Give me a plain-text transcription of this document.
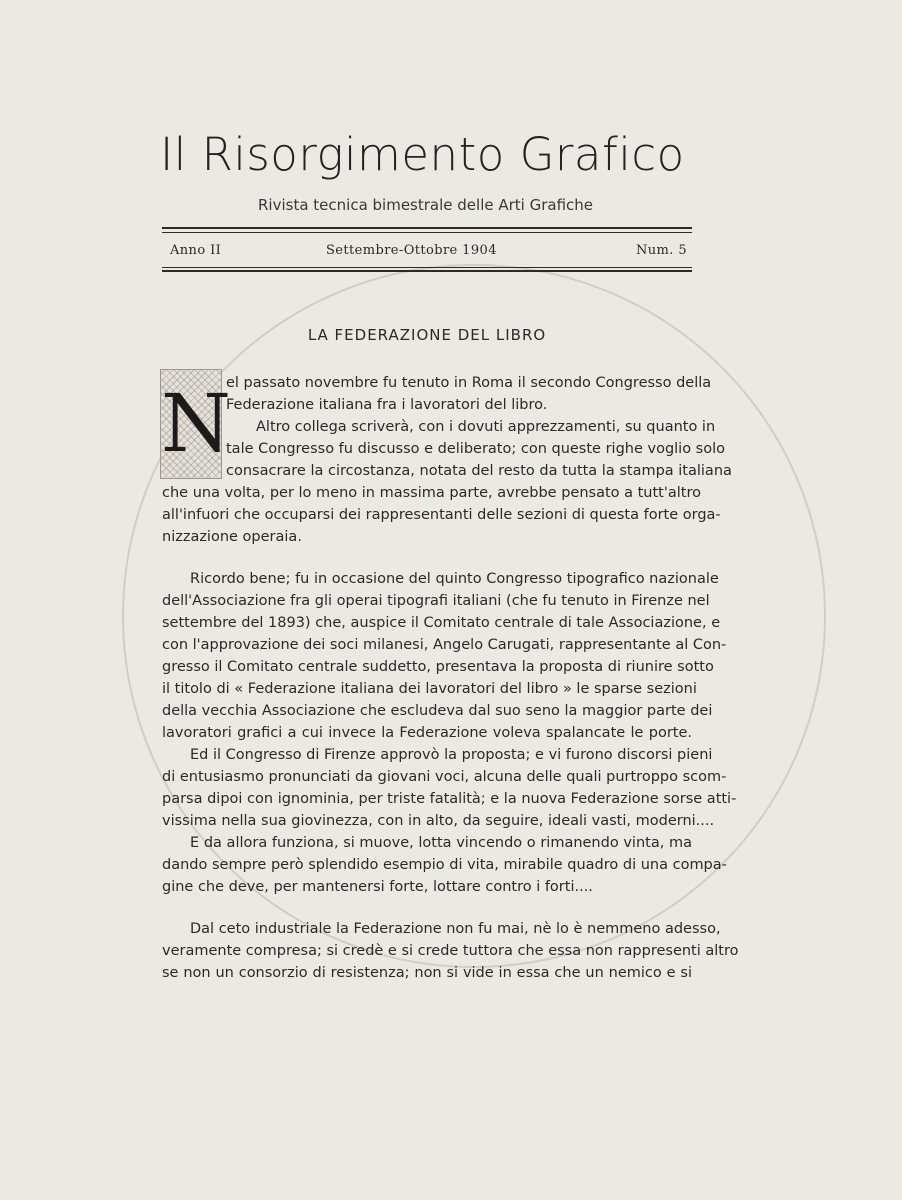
Il Risorgimento Grafico
Rivista tecnica bimestrale delle Arti Grafiche
Anno II	Settembre-Ottobre 1904	Num. 5
LA FEDERAZIONE DEL LIBRO
N
el passato novembre fu tenuto in Roma il secondo Congresso della
Federazione italiana fra i lavoratori del libro.
Altro collega scriverà, con i dovuti apprezzamenti, su quanto in
tale Congresso fu discusso e deliberato; con queste righe voglio solo
consacrare la circostanza, notata del resto da tutta la stampa italiana
che una volta, per lo meno in massima parte, avrebbe pensato a tutt'altro
all'infuori che occuparsi dei rappresentanti delle sezioni di questa forte orga-
nizzazione operaia.
Ricordo bene; fu in occasione del quinto Congresso tipografico nazionale
dell'Associazione fra gli operai tipografi italiani (che fu tenuto in Firenze nel
settembre del 1893) che, auspice il Comitato centrale di tale Associazione, e
con l'approvazione dei soci milanesi, Angelo Carugati, rappresentante al Con-
gresso il Comitato centrale suddetto, presentava la proposta di riunire sotto
il titolo di « Federazione italiana dei lavoratori del libro » le sparse sezioni
della vecchia Associazione che escludeva dal suo seno la maggior parte dei
lavoratori grafici a cui invece la Federazione voleva spalancate le porte.
Ed il Congresso di Firenze approvò la proposta; e vi furono discorsi pieni
di entusiasmo pronunciati da giovani voci, alcuna delle quali purtroppo scom-
parsa dipoi con ignominia, per triste fatalità; e la nuova Federazione sorse atti-
vissima nella sua giovinezza, con in alto, da seguire, ideali vasti, moderni....
E da allora funziona, si muove, lotta vincendo o rimanendo vinta, ma
dando sempre però splendido esempio di vita, mirabile quadro di una compa-
gine che deve, per mantenersi forte, lottare contro i forti....
Dal ceto industriale la Federazione non fu mai, nè lo è nemmeno adesso,
veramente compresa; si credè e si crede tuttora che essa non rappresenti altro
se non un consorzio di resistenza; non si vide in essa che un nemico e si
